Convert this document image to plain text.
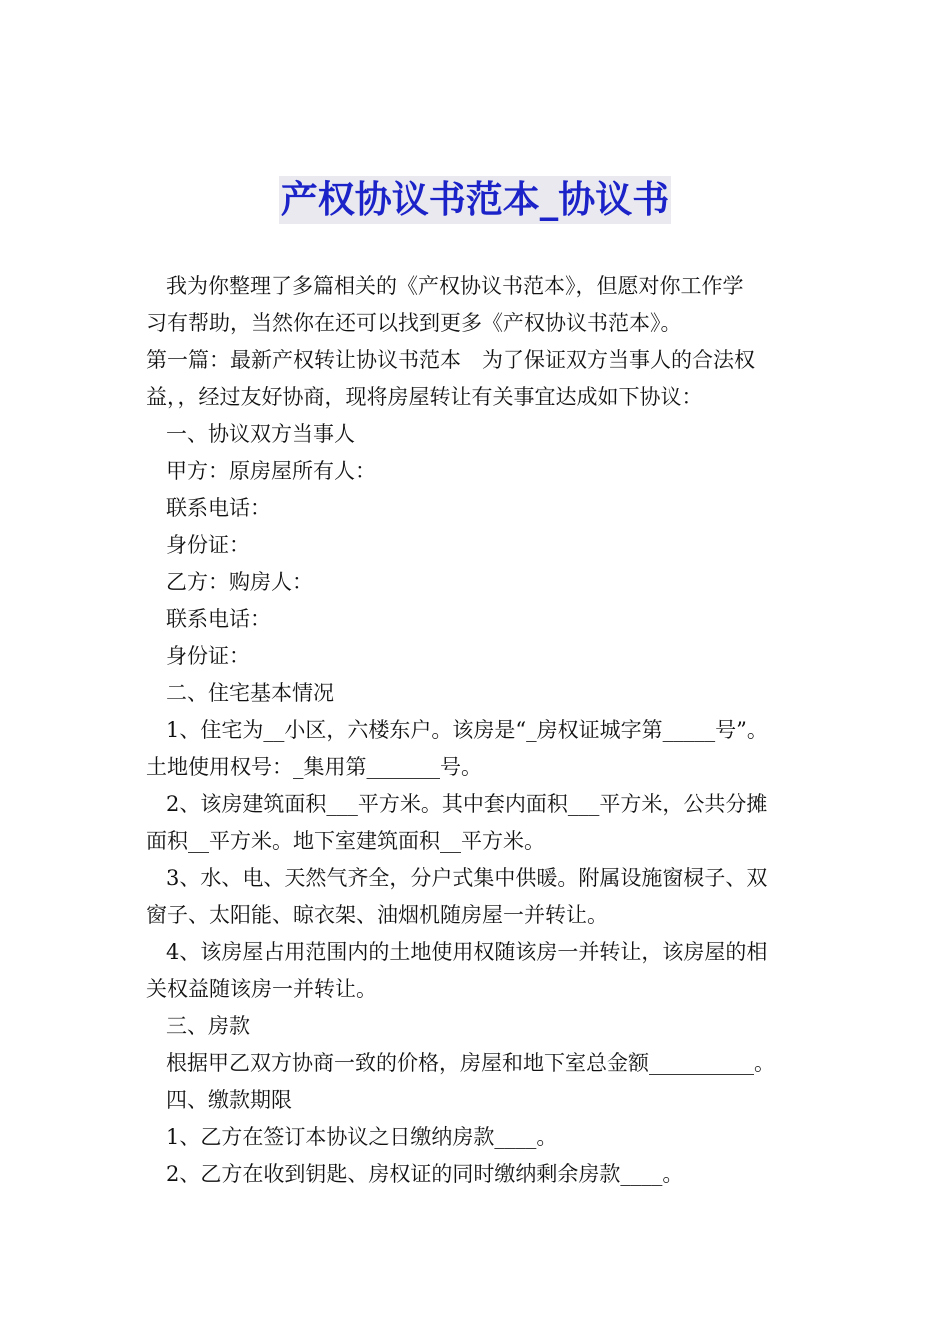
产权协议书范本_协议书
我为你整理了多篇相关的《产权协议书范本》，但愿对你工作学
习有帮助，当然你在还可以找到更多《产权协议书范本》。
第一篇：最新产权转让协议书范本　为了保证双方当事人的合法权
益，，经过友好协商，现将房屋转让有关事宜达成如下协议：
一、协议双方当事人
甲方：原房屋所有人：
联系电话：
身份证：
乙方：购房人：
联系电话：
身份证：
二、住宅基本情况
1、住宅为__小区，六楼东户。该房是“_房权证城字第_____号”。
土地使用权号：_集用第_______号。
2、该房建筑面积___平方米。其中套内面积___平方米，公共分摊
面积__平方米。地下室建筑面积__平方米。
3、水、电、天然气齐全，分户式集中供暖。附属设施窗棂子、双
窗子、太阳能、晾衣架、油烟机随房屋一并转让。
4、该房屋占用范围内的土地使用权随该房一并转让，该房屋的相
关权益随该房一并转让。
三、房款
根据甲乙双方协商一致的价格，房屋和地下室总金额__________。
四、缴款期限
1、乙方在签订本协议之日缴纳房款____。
2、乙方在收到钥匙、房权证的同时缴纳剩余房款____。
